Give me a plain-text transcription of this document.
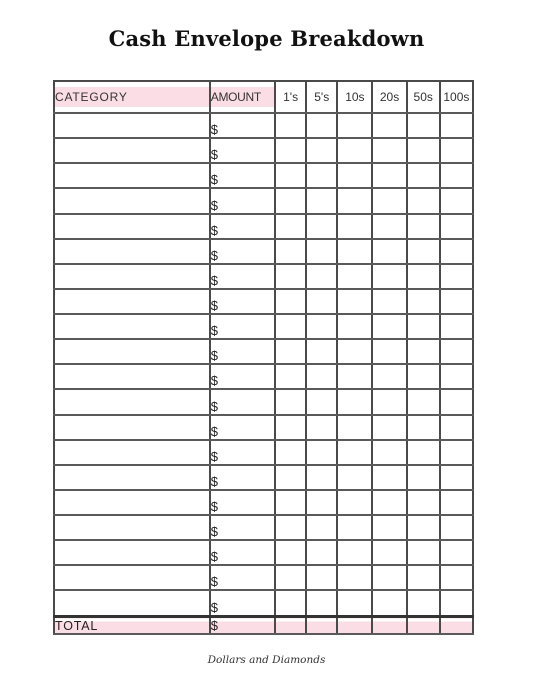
Cash Envelope Breakdown
CATEGORY	AMOUNT	1's	5's	10s	20s	50s	100s
	$						
	$						
	$						
	$						
	$						
	$						
	$						
	$						
	$						
	$						
	$						
	$						
	$						
	$						
	$						
	$						
	$						
	$						
	$						
	$						
TOTAL	$						
Dollars and Diamonds
